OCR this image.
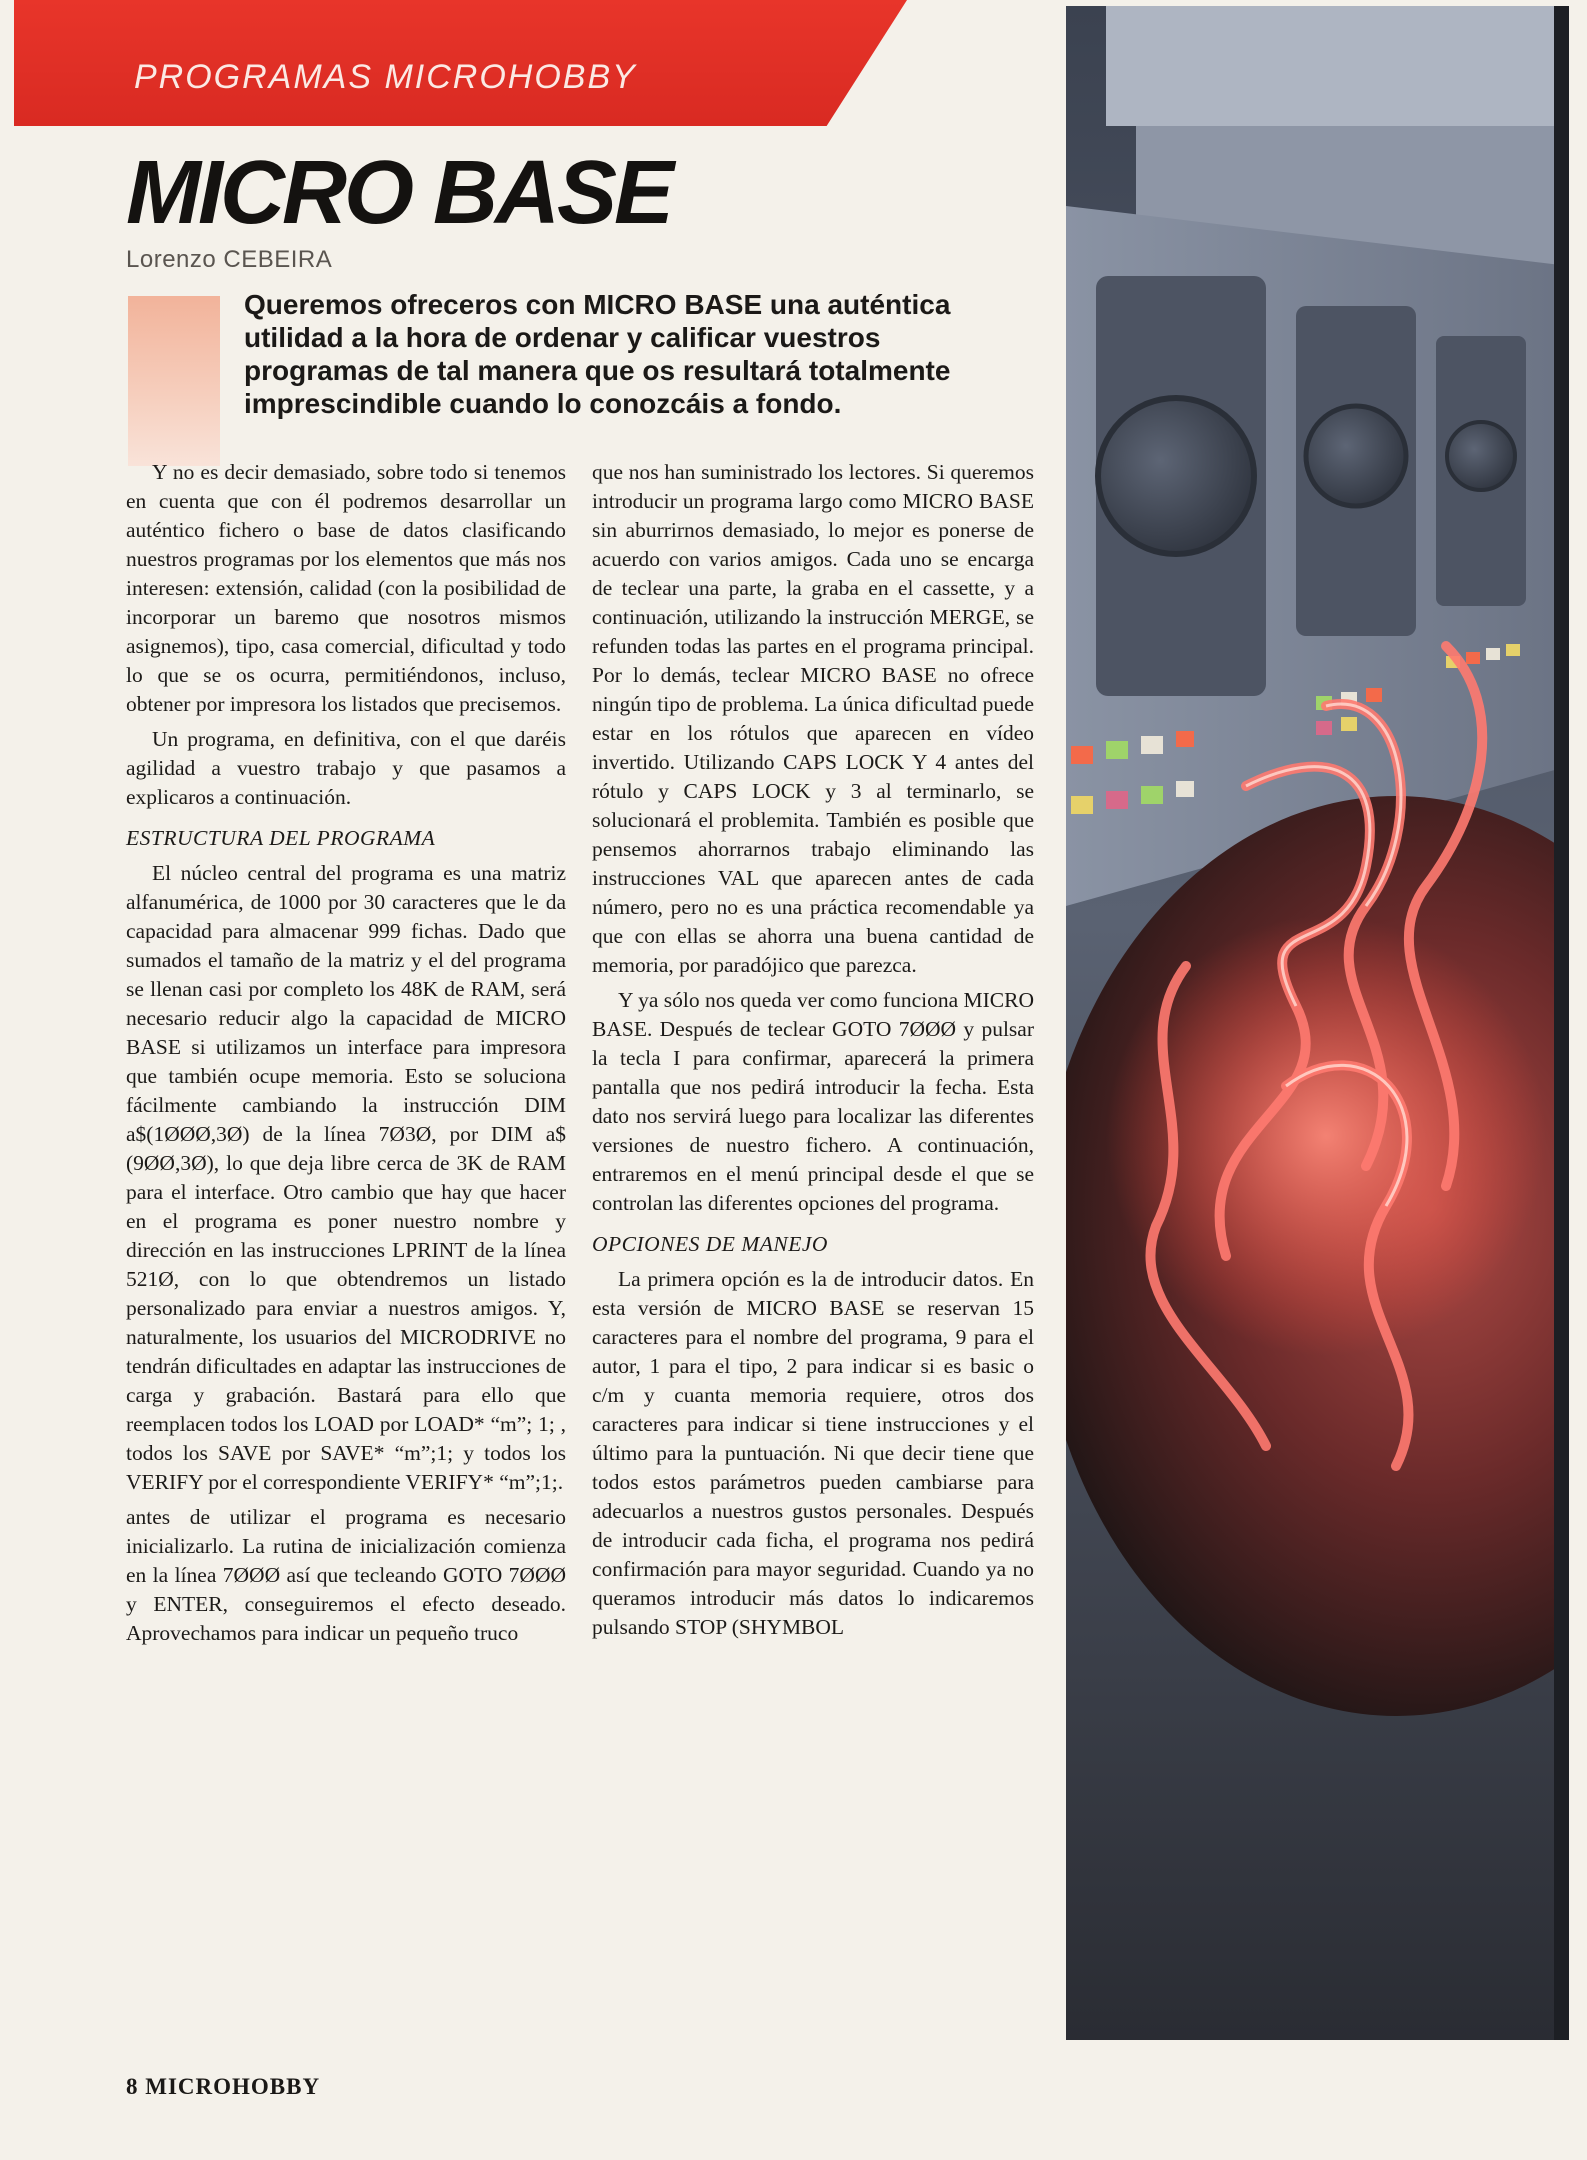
PROGRAMAS MICROHOBBY
MICRO BASE
Lorenzo CEBEIRA
Queremos ofreceros con MICRO BASE una auténtica utilidad a la hora de ordenar y calificar vuestros programas de tal manera que os resultará totalmente imprescindible cuando lo conozcáis a fondo.

Y no es decir demasiado, sobre todo si tenemos en cuenta que con él podremos desarrollar un auténtico fichero o base de datos clasificando nuestros programas por los elementos que más nos interesen: extensión, calidad (con la posibilidad de incorporar un baremo que nosotros mismos asignemos), tipo, casa comercial, dificultad y todo lo que se os ocurra, permitiéndonos, incluso, obtener por impresora los listados que precisemos.

Un programa, en definitiva, con el que daréis agilidad a vuestro trabajo y que pasamos a explicaros a continuación.

ESTRUCTURA DEL PROGRAMA

El núcleo central del programa es una matriz alfanumérica, de 1000 por 30 caracteres que le da capacidad para almacenar 999 fichas. Dado que sumados el tamaño de la matriz y el del programa se llenan casi por completo los 48K de RAM, será necesario reducir algo la capacidad de MICRO BASE si utilizamos un interface para impresora que también ocupe memoria. Esto se soluciona fácilmente cambiando la instrucción DIM a$(1ØØØ,3Ø) de la línea 7Ø3Ø, por DIM a$ (9ØØ,3Ø), lo que deja libre cerca de 3K de RAM para el interface. Otro cambio que hay que hacer en el programa es poner nuestro nombre y dirección en las instrucciones LPRINT de la línea 521Ø, con lo que obtendremos un listado personalizado para enviar a nuestros amigos. Y, naturalmente, los usuarios del MICRODRIVE no tendrán dificultades en adaptar las instrucciones de carga y grabación. Bastará para ello que reemplacen todos los LOAD por LOAD* “m”; 1; , todos los SAVE por SAVE* “m”;1; y todos los VERIFY por el correspondiente VERIFY* “m”;1;.

antes de utilizar el programa es necesario inicializarlo. La rutina de inicialización comienza en la línea 7ØØØ así que tecleando GOTO 7ØØØ y ENTER, conseguiremos el efecto deseado. Aprovechamos para indicar un pequeño truco

que nos han suministrado los lectores. Si queremos introducir un programa largo como MICRO BASE sin aburrirnos demasiado, lo mejor es ponerse de acuerdo con varios amigos. Cada uno se encarga de teclear una parte, la graba en el cassette, y a continuación, utilizando la instrucción MERGE, se refunden todas las partes en el programa principal. Por lo demás, teclear MICRO BASE no ofrece ningún tipo de problema. La única dificultad puede estar en los rótulos que aparecen en vídeo invertido. Utilizando CAPS LOCK Y 4 antes del rótulo y CAPS LOCK y 3 al terminarlo, se solucionará el problemita. También es posible que pensemos ahorrarnos trabajo eliminando las instrucciones VAL que aparecen antes de cada número, pero no es una práctica recomendable ya que con ellas se ahorra una buena cantidad de memoria, por paradójico que parezca.

Y ya sólo nos queda ver como funciona MICRO BASE. Después de teclear GOTO 7ØØØ y pulsar la tecla I para confirmar, aparecerá la primera pantalla que nos pedirá introducir la fecha. Esta dato nos servirá luego para localizar las diferentes versiones de nuestro fichero. A continuación, entraremos en el menú principal desde el que se controlan las diferentes opciones del programa.

OPCIONES DE MANEJO

La primera opción es la de introducir datos. En esta versión de MICRO BASE se reservan 15 caracteres para el nombre del programa, 9 para el autor, 1 para el tipo, 2 para indicar si es basic o c/m y cuanta memoria requiere, otros dos caracteres para indicar si tiene instrucciones y el último para la puntuación. Ni que decir tiene que todos estos parámetros pueden cambiarse para adecuarlos a nuestros gustos personales. Después de introducir cada ficha, el programa nos pedirá confirmación para mayor seguridad. Cuando ya no queramos introducir más datos lo indicaremos pulsando STOP (SHYMBOL

8 MICROHOBBY
